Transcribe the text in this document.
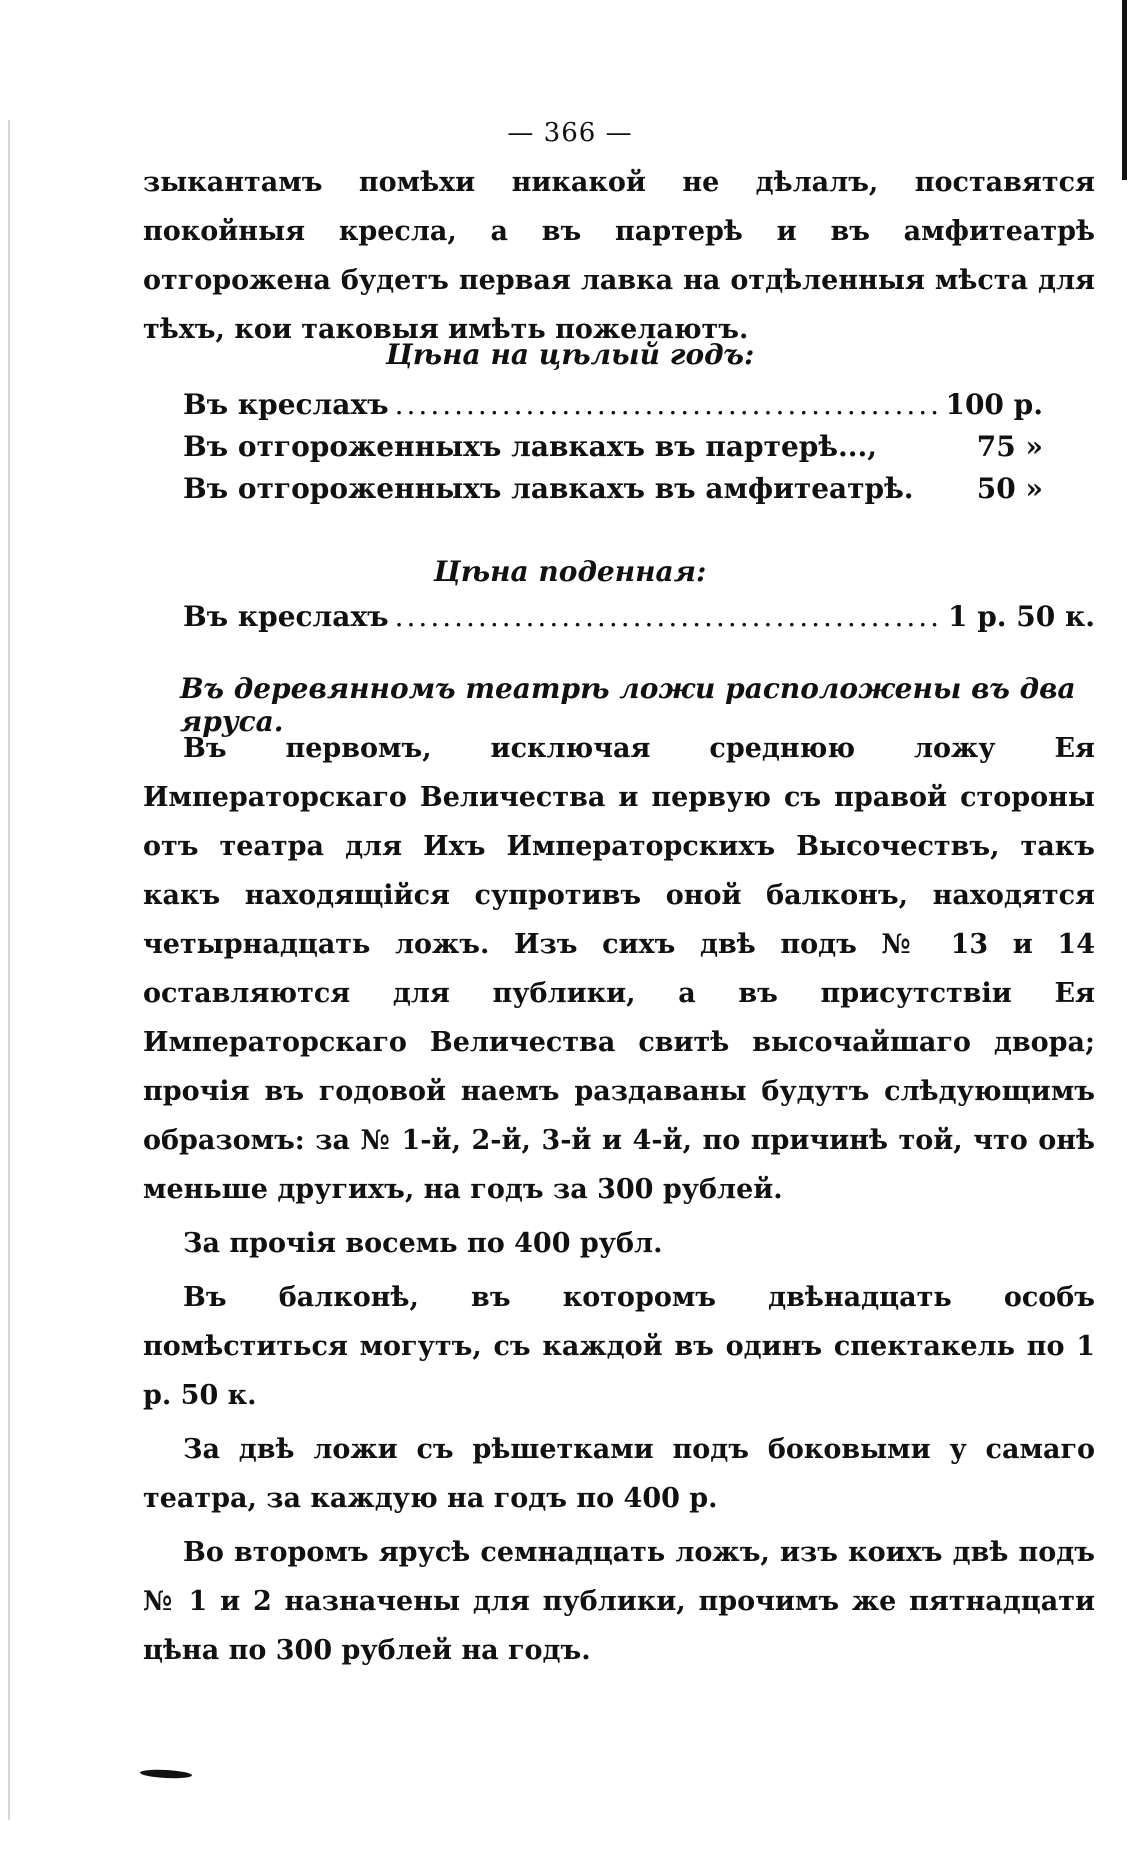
— 366 —

зыкантамъ помѣхи никакой не дѣлалъ, поставятся покойныя кресла, а въ партерѣ и въ амфитеатрѣ отгорожена будетъ первая лавка на отдѣленныя мѣста для тѣхъ, кои таковыя имѣть пожелаютъ.

Цѣна на цѣлый годъ:
Въ креслахъ .....	100 р.
Въ отгороженныхъ лавкахъ въ партерѣ...,	75 »
Въ отгороженныхъ лавкахъ въ амфитеатрѣ. 50 »
Цѣна поденная:
Въ креслахъ .....	1 р. 50 к.
Въ деревянномъ театрѣ ложи расположены въ два яруса.

Въ первомъ, исключая среднюю ложу Ея Императорскаго Величества и первую съ правой стороны отъ театра для Ихъ Императорскихъ Высочествъ, такъ какъ находящійся супротивъ оной балконъ, находятся четырнадцать ложъ. Изъ сихъ двѣ подъ № 13 и 14 оставляются для публики, а въ присутствіи Ея Императорскаго Величества свитѣ высочайшаго двора; прочія въ годовой наемъ раздаваны будутъ слѣдующимъ образомъ: за № 1-й, 2-й, 3-й и 4-й, по причинѣ той, что онѣ меньше другихъ, на годъ за 300 рублей.

За прочія восемь по 400 рубл.

Въ балконѣ, въ которомъ двѣнадцать особъ помѣститься могутъ, съ каждой въ одинъ спектакель по 1 р. 50 к.

За двѣ ложи съ рѣшетками подъ боковыми у самаго театра, за каждую на годъ по 400 р.

Во второмъ ярусѣ семнадцать ложъ, изъ коихъ двѣ подъ № 1 и 2 назначены для публики, прочимъ же пятнадцати цѣна по 300 рублей на годъ.
